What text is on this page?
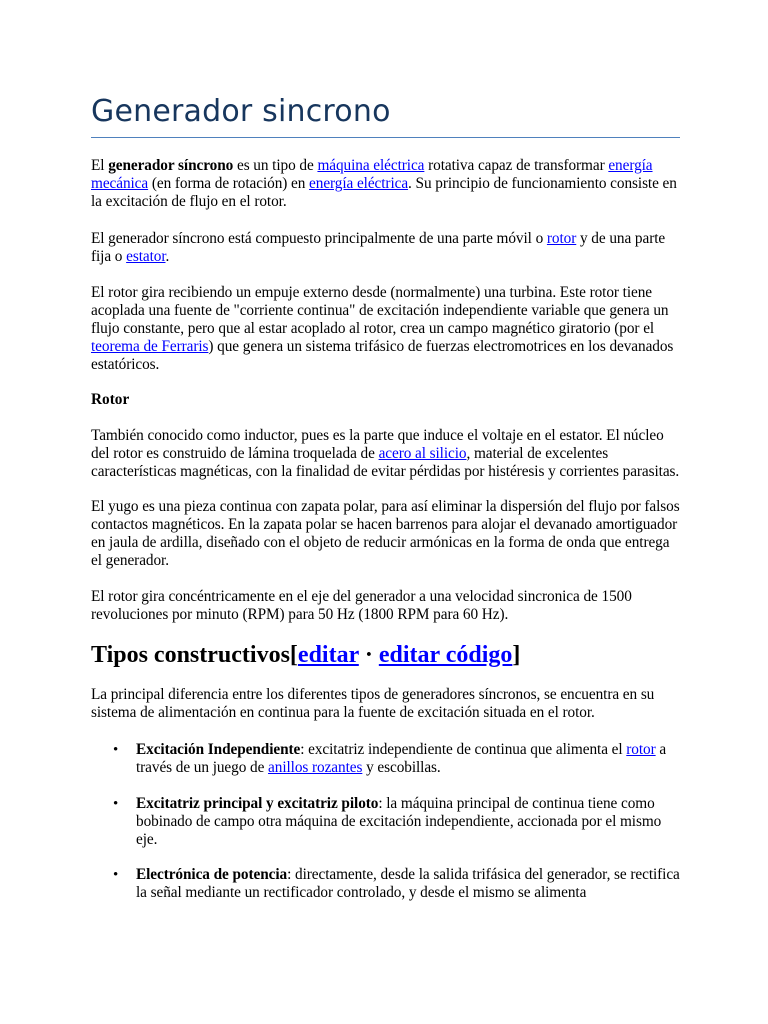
Generador sincrono

El generador síncrono es un tipo de máquina eléctrica rotativa capaz de transformar energía mecánica (en forma de rotación) en energía eléctrica. Su principio de funcionamiento consiste en la excitación de flujo en el rotor.

El generador síncrono está compuesto principalmente de una parte móvil o rotor y de una parte fija o estator.

El rotor gira recibiendo un empuje externo desde (normalmente) una turbina. Este rotor tiene acoplada una fuente de "corriente continua" de excitación independiente variable que genera un flujo constante, pero que al estar acoplado al rotor, crea un campo magnético giratorio (por el teorema de Ferraris) que genera un sistema trifásico de fuerzas electromotrices en los devanados estatóricos.

Rotor

También conocido como inductor, pues es la parte que induce el voltaje en el estator. El núcleo del rotor es construido de lámina troquelada de acero al silicio, material de excelentes características magnéticas, con la finalidad de evitar pérdidas por histéresis y corrientes parasitas.

El yugo es una pieza continua con zapata polar, para así eliminar la dispersión del flujo por falsos contactos magnéticos. En la zapata polar se hacen barrenos para alojar el devanado amortiguador en jaula de ardilla, diseñado con el objeto de reducir armónicas en la forma de onda que entrega el generador.

El rotor gira concéntricamente en el eje del generador a una velocidad sincronica de 1500 revoluciones por minuto (RPM) para 50 Hz (1800 RPM para 60 Hz).

Tipos constructivos[editar · editar código]

La principal diferencia entre los diferentes tipos de generadores síncronos, se encuentra en su sistema de alimentación en continua para la fuente de excitación situada en el rotor.

• Excitación Independiente: excitatriz independiente de continua que alimenta el rotor a través de un juego de anillos rozantes y escobillas.
• Excitatriz principal y excitatriz piloto: la máquina principal de continua tiene como bobinado de campo otra máquina de excitación independiente, accionada por el mismo eje.
• Electrónica de potencia: directamente, desde la salida trifásica del generador, se rectifica la señal mediante un rectificador controlado, y desde el mismo se alimenta
